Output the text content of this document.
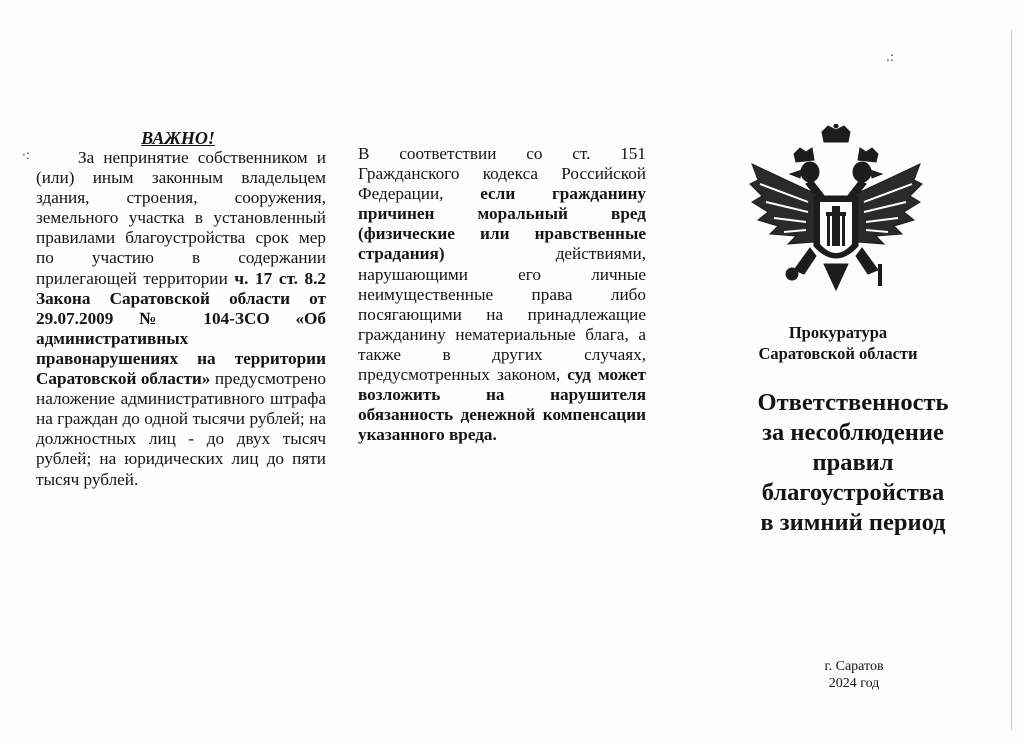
·:
.:
ВАЖНО!

За непринятие собственником и (или) иным законным владельцем здания, строения, сооружения, земельного участка в установленный правилами благоустройства срок мер по участию в содержании прилегающей территории ч. 17 ст. 8.2 Закона Саратовской области от 29.07.2009 № 104-ЗСО «Об административных правонарушениях на территории Саратовской области» предусмотрено наложение административного штрафа на граждан до одной тысячи рублей; на должностных лиц - до двух тысяч рублей; на юридических лиц до пяти тысяч рублей.

В соответствии со ст. 151 Гражданского кодекса Российской Федерации, если гражданину причинен моральный вред (физические или нравственные страдания) действиями, нарушающими его личные неимущественные права либо посягающими на принадлежащие гражданину нематериальные блага, а также в других случаях, предусмотренных законом, суд может возложить на нарушителя обязанность денежной компенсации указанного вреда.

Прокуратура
Саратовской области
Ответственность
за несоблюдение
правил
благоустройства
в зимний период
г. Саратов
2024 год
